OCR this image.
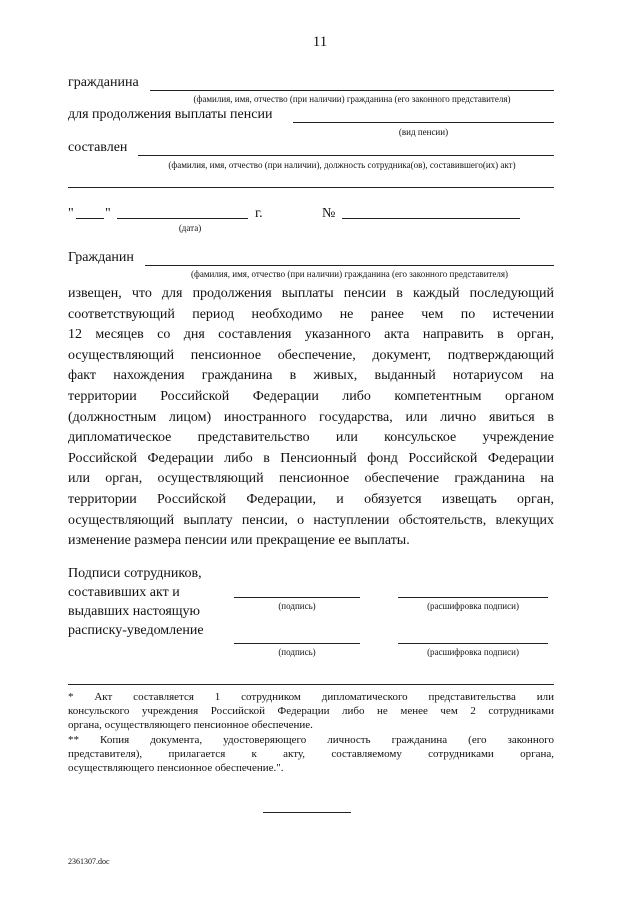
11
гражданина
(фамилия, имя, отчество (при наличии) гражданина (его законного представителя)
для продолжения выплаты пенсии
(вид пенсии)
составлен
(фамилия, имя, отчество (при наличии), должность сотрудника(ов), составившего(их) акт)
" "	г.
(дата)
№
Гражданин
(фамилия, имя, отчество (при наличии) гражданина (его законного представителя)

извещен, что для продолжения выплаты пенсии в каждый последующий

соответствующий период необходимо не ранее чем по истечении

12 месяцев со дня составления указанного акта направить в орган,

осуществляющий пенсионное обеспечение, документ, подтверждающий

факт нахождения гражданина в живых, выданный нотариусом на

территории Российской Федерации либо компетентным органом

(должностным лицом) иностранного государства, или лично явиться в

дипломатическое представительство или консульское учреждение

Российской Федерации либо в Пенсионный фонд Российской Федерации

или орган, осуществляющий пенсионное обеспечение гражданина на

территории Российской Федерации, и обязуется извещать орган,

осуществляющий выплату пенсии, о наступлении обстоятельств, влекущих

изменение размера пенсии или прекращение ее выплаты.

Подписи сотрудников,
составивших акт и
выдавших настоящую
расписку-уведомление
(подпись)	(расшифровка подписи)
(подпись)	(расшифровка подписи)

* Акт составляется 1 сотрудником дипломатического представительства или

консульского учреждения Российской Федерации либо не менее чем 2 сотрудниками

органа, осуществляющего пенсионное обеспечение.

** Копия документа, удостоверяющего личность гражданина (его законного

представителя), прилагается к акту, составляемому сотрудниками органа,

осуществляющего пенсионное обеспечение.".

2361307.doc
